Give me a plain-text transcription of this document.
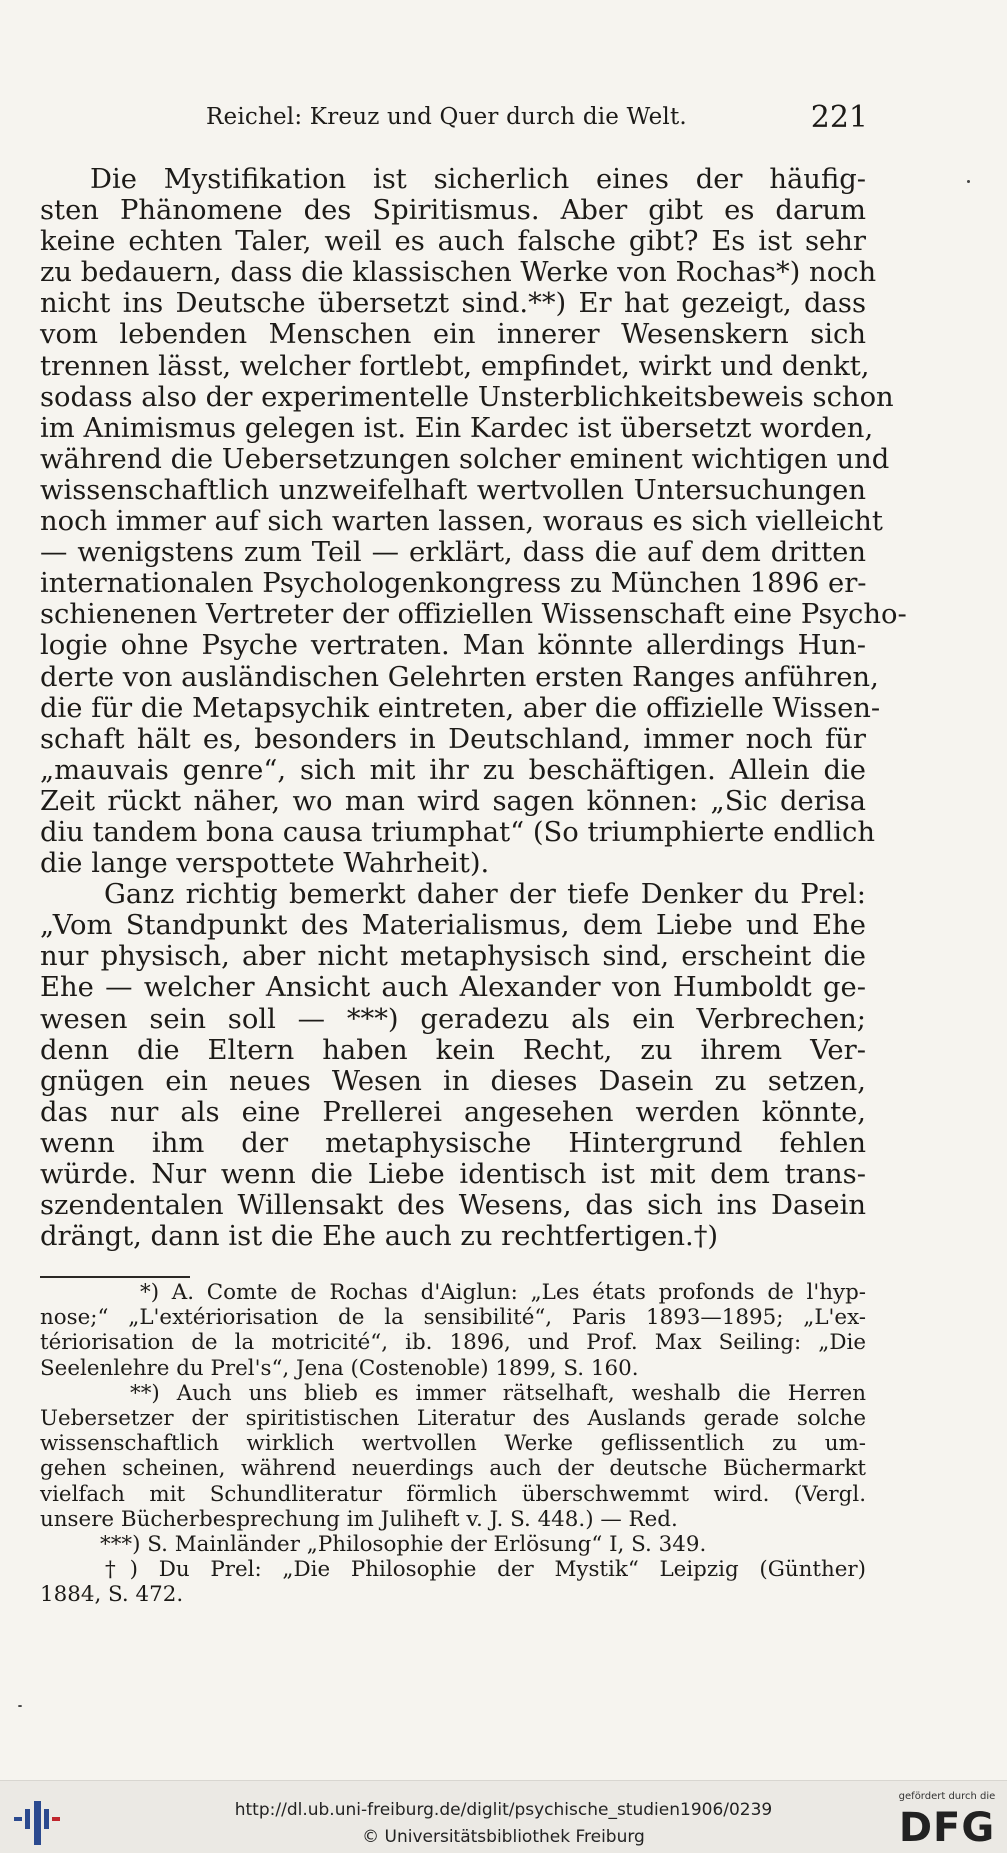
Reichel: Kreuz und Quer durch die Welt.	221
Die Mystifikation ist sicherlich eines der häufig-
sten Phänomene des Spiritismus. Aber gibt es darum
keine echten Taler, weil es auch falsche gibt? Es ist sehr
zu bedauern, dass die klassischen Werke von Rochas*) noch
nicht ins Deutsche übersetzt sind.**) Er hat gezeigt, dass
vom lebenden Menschen ein innerer Wesenskern sich
trennen lässt, welcher fortlebt, empfindet, wirkt und denkt,
sodass also der experimentelle Unsterblichkeitsbeweis schon
im Animismus gelegen ist. Ein Kardec ist übersetzt worden,
während die Uebersetzungen solcher eminent wichtigen und
wissenschaftlich unzweifelhaft wertvollen Untersuchungen
noch immer auf sich warten lassen, woraus es sich vielleicht
— wenigstens zum Teil — erklärt, dass die auf dem dritten
internationalen Psychologenkongress zu München 1896 er-
schienenen Vertreter der offiziellen Wissenschaft eine Psycho-
logie ohne Psyche vertraten. Man könnte allerdings Hun-
derte von ausländischen Gelehrten ersten Ranges anführen,
die für die Metapsychik eintreten, aber die offizielle Wissen-
schaft hält es, besonders in Deutschland, immer noch für
„mauvais genre“, sich mit ihr zu beschäftigen. Allein die
Zeit rückt näher, wo man wird sagen können: „Sic derisa
diu tandem bona causa triumphat“ (So triumphierte endlich
die lange verspottete Wahrheit).
Ganz richtig bemerkt daher der tiefe Denker du Prel:
„Vom Standpunkt des Materialismus, dem Liebe und Ehe
nur physisch, aber nicht metaphysisch sind, erscheint die
Ehe — welcher Ansicht auch Alexander von Humboldt ge-
wesen sein soll — ***) geradezu als ein Verbrechen;
denn die Eltern haben kein Recht, zu ihrem Ver-
gnügen ein neues Wesen in dieses Dasein zu setzen,
das nur als eine Prellerei angesehen werden könnte,
wenn ihm der metaphysische Hintergrund fehlen
würde. Nur wenn die Liebe identisch ist mit dem trans-
szendentalen Willensakt des Wesens, das sich ins Dasein
drängt, dann ist die Ehe auch zu rechtfertigen.†)
*) A. Comte de Rochas d'Aiglun: „Les états profonds de l'hyp-
nose;“ „L'extériorisation de la sensibilité“, Paris 1893—1895; „L'ex-
tériorisation de la motricité“, ib. 1896, und Prof. Max Seiling: „Die
Seelenlehre du Prel's“, Jena (Costenoble) 1899, S. 160.
**) Auch uns blieb es immer rätselhaft, weshalb die Herren
Uebersetzer der spiritistischen Literatur des Auslands gerade solche
wissenschaftlich wirklich wertvollen Werke geflissentlich zu um-
gehen scheinen, während neuerdings auch der deutsche Büchermarkt
vielfach mit Schundliteratur förmlich überschwemmt wird. (Vergl.
unsere Bücherbesprechung im Juliheft v. J. S. 448.) — Red.
***) S. Mainländer „Philosophie der Erlösung“ I, S. 349.
†) Du Prel: „Die Philosophie der Mystik“ Leipzig (Günther)
1884, S. 472.
http://dl.ub.uni-freiburg.de/diglit/psychische_studien1906/0239
© Universitätsbibliothek Freiburg
gefördert durch die
DFG
